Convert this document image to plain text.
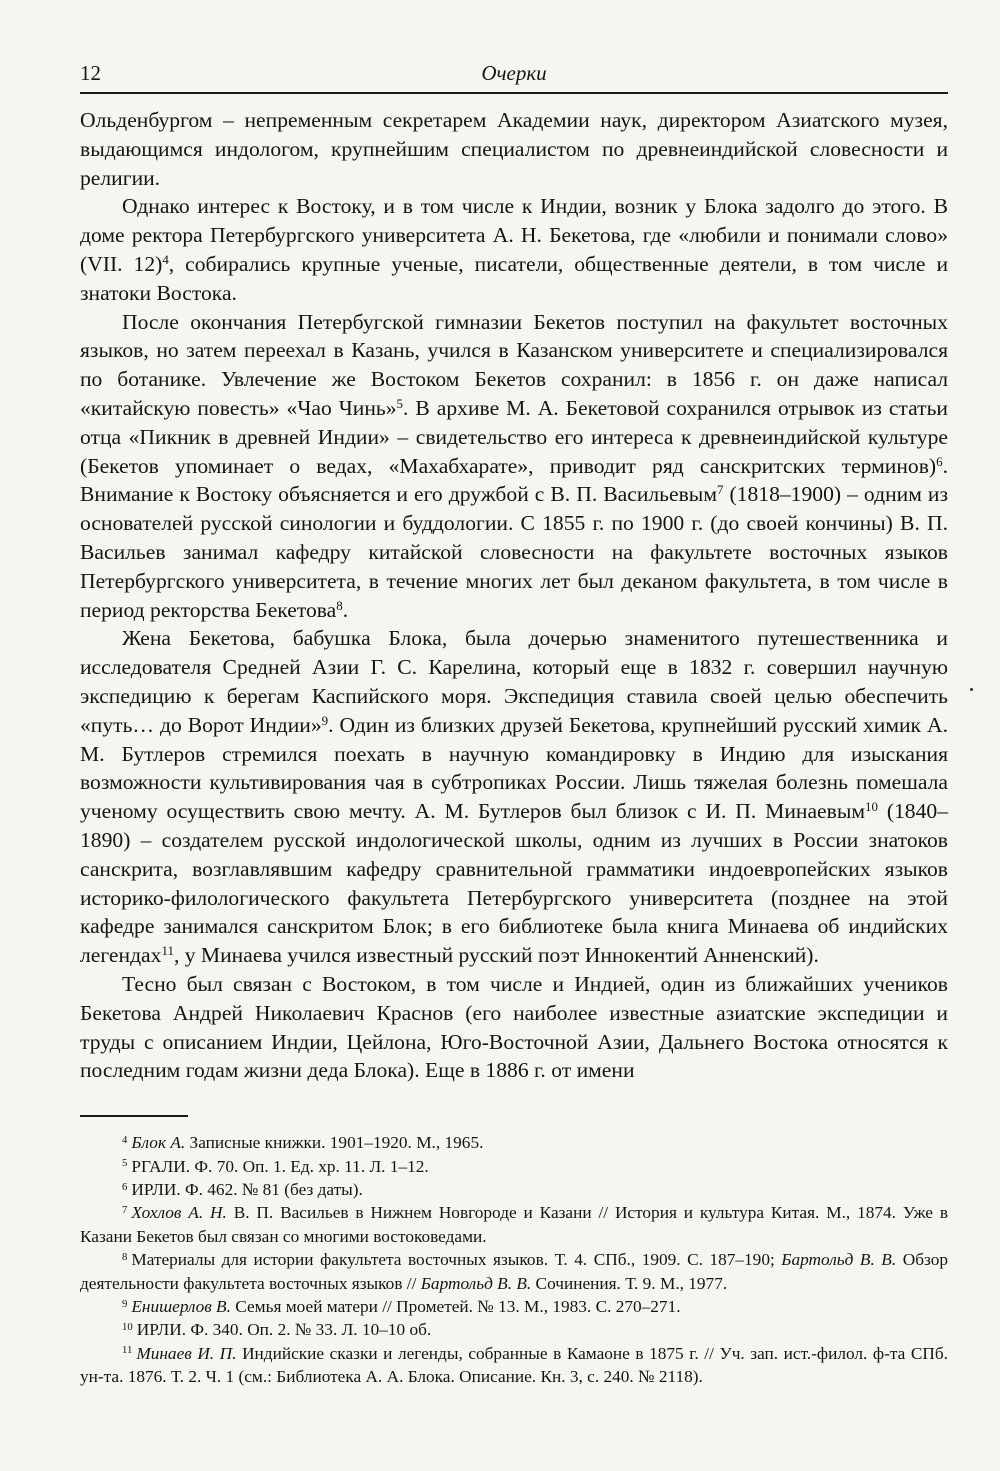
12	Очерки

Ольденбургом – непременным секретарем Академии наук, директором Азиатского музея, выдающимся индологом, крупнейшим специалистом по древнеиндийской словесности и религии.

Однако интерес к Востоку, и в том числе к Индии, возник у Блока задолго до этого. В доме ректора Петербургского университета А. Н. Бекетова, где «любили и понимали слово» (VII. 12)$^4$, собирались крупные ученые, писатели, общественные деятели, в том числе и знатоки Востока.

После окончания Петербугской гимназии Бекетов поступил на факультет восточных языков, но затем переехал в Казань, учился в Казанском университете и специализировался по ботанике. Увлечение же Востоком Бекетов сохранил: в 1856 г. он даже написал «китайскую повесть» «Чао Чинь»$^5$. В архиве М. А. Бекетовой сохранился отрывок из статьи отца «Пикник в древней Индии» – свидетельство его интереса к древнеиндийской культуре (Бекетов упоминает о ведах, «Махабхарате», приводит ряд санскритских терминов)$^6$. Внимание к Востоку объясняется и его дружбой с В. П. Васильевым$^7$ (1818–1900) – одним из основателей русской синологии и буддологии. С 1855 г. по 1900 г. (до своей кончины) В. П. Васильев занимал кафедру китайской словесности на факультете восточных языков Петербургского университета, в течение многих лет был деканом факультета, в том числе в период ректорства Бекетова$^8$.

Жена Бекетова, бабушка Блока, была дочерью знаменитого путешественника и исследователя Средней Азии Г. С. Карелина, который еще в 1832 г. совершил научную экспедицию к берегам Каспийского моря. Экспедиция ставила своей целью обеспечить «путь… до Ворот Индии»$^9$. Один из близких друзей Бекетова, крупнейший русский химик А. М. Бутлеров стремился поехать в научную командировку в Индию для изыскания возможности культивирования чая в субтропиках России. Лишь тяжелая болезнь помешала ученому осуществить свою мечту. А. М. Бутлеров был близок с И. П. Минаевым$^{10}$ (1840–1890) – создателем русской индологической школы, одним из лучших в России знатоков санскрита, возглавлявшим кафедру сравнительной грамматики индоевропейских языков историко-филологического факультета Петербургского университета (позднее на этой кафедре занимался санскритом Блок; в его библиотеке была книга Минаева об индийских легендах$^{11}$, у Минаева учился известный русский поэт Иннокентий Анненский).

Тесно был связан с Востоком, в том числе и Индией, один из ближайших учеников Бекетова Андрей Николаевич Краснов (его наиболее известные азиатские экспедиции и труды с описанием Индии, Цейлона, Юго-Восточной Азии, Дальнего Востока относятся к последним годам жизни деда Блока). Еще в 1886 г. от имени

$^4$ Блок А. Записные книжки. 1901–1920. М., 1965.

$^5$ РГАЛИ. Ф. 70. Оп. 1. Ед. хр. 11. Л. 1–12.

$^6$ ИРЛИ. Ф. 462. № 81 (без даты).

$^7$ Хохлов А. Н. В. П. Васильев в Нижнем Новгороде и Казани // История и культура Китая. М., 1874. Уже в Казани Бекетов был связан со многими востоковедами.

$^8$ Материалы для истории факультета восточных языков. Т. 4. СПб., 1909. С. 187–190; Бартольд В. В. Обзор деятельности факультета восточных языков // Бартольд В. В. Сочинения. Т. 9. М., 1977.

$^9$ Енишерлов В. Семья моей матери // Прометей. № 13. М., 1983. С. 270–271.

$^{10}$ ИРЛИ. Ф. 340. Оп. 2. № 33. Л. 10–10 об.

$^{11}$ Минаев И. П. Индийские сказки и легенды, собранные в Камаоне в 1875 г. // Уч. зап. ист.-филол. ф-та СПб. ун-та. 1876. Т. 2. Ч. 1 (см.: Библиотека А. А. Блока. Описание. Кн. 3, с. 240. № 2118).
